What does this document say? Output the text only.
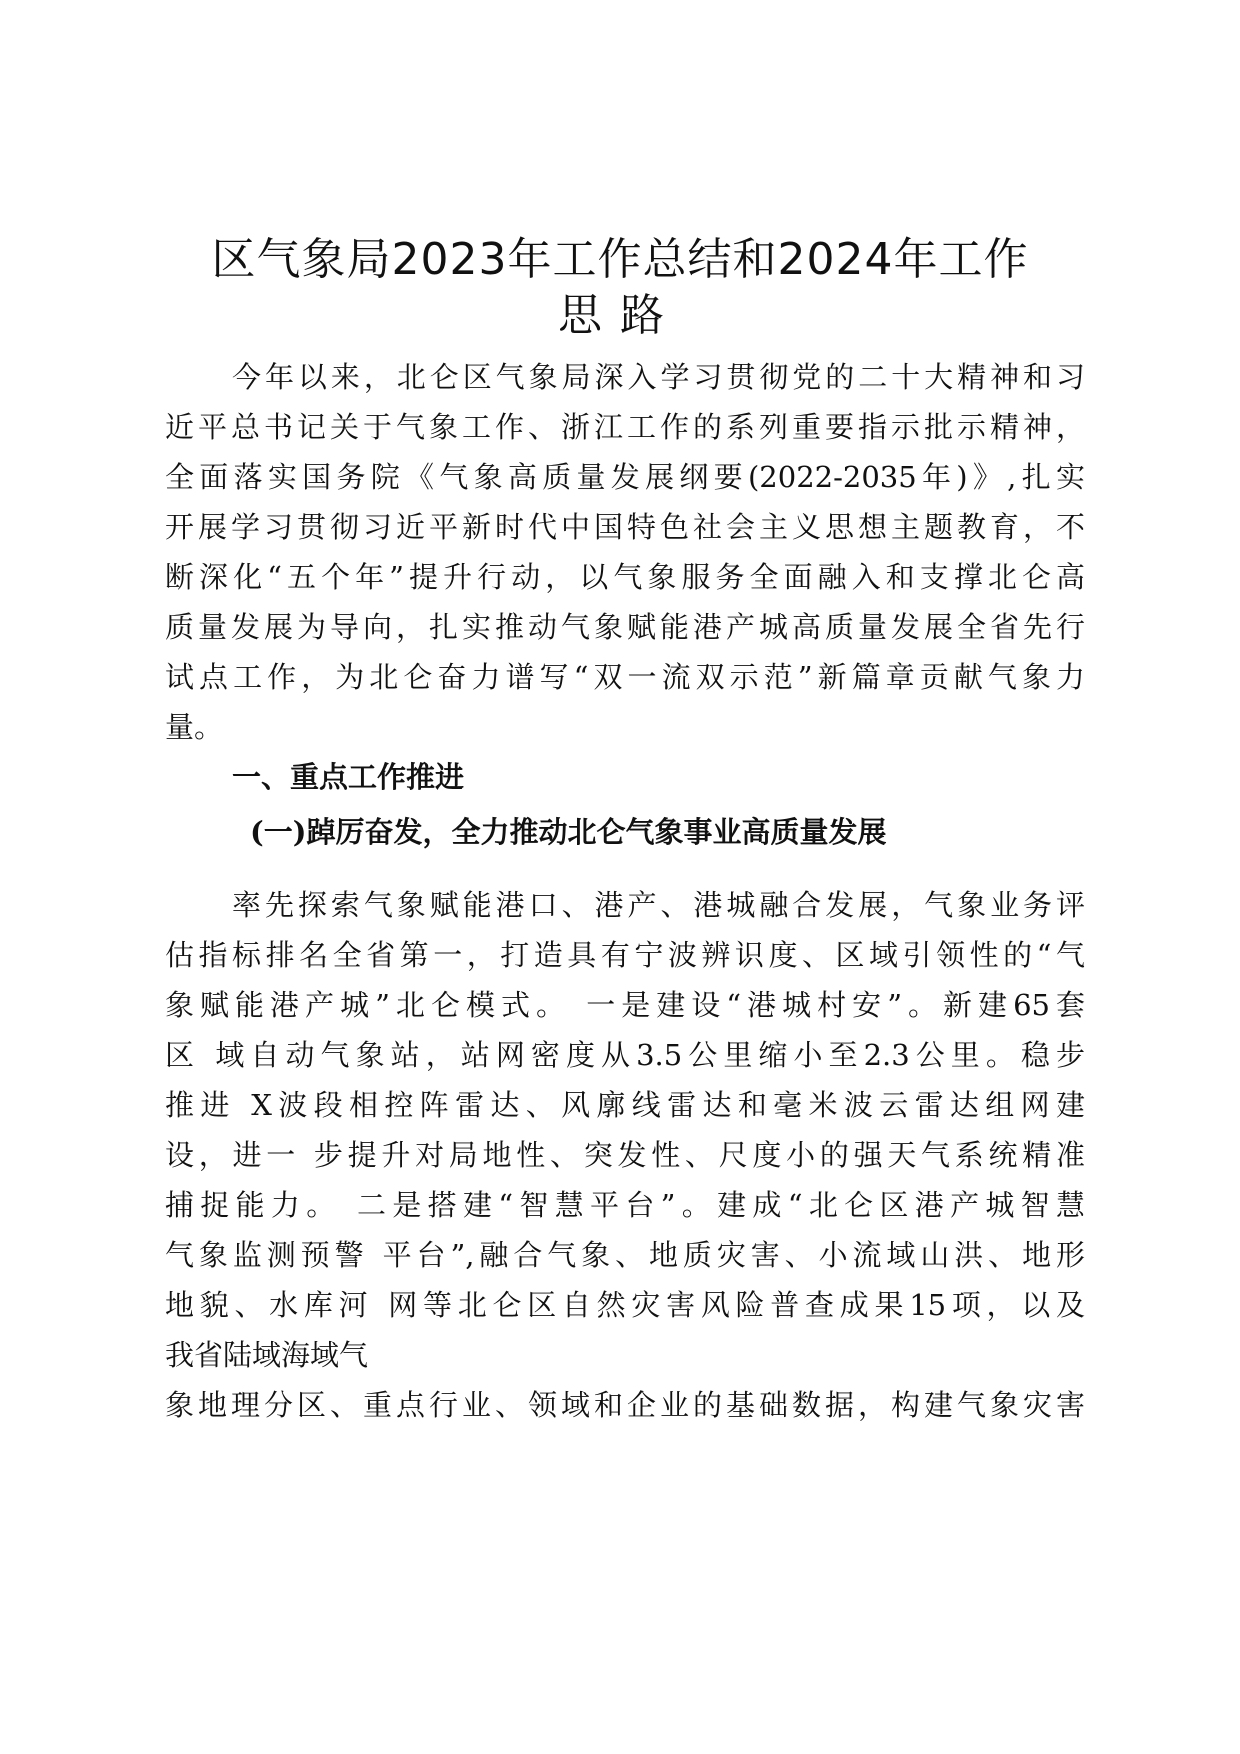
区气象局2023年工作总结和2024年工作
思路

今年以来，北仑区气象局深入学习贯彻党的二十大精神和习

近平总书记关于气象工作、浙江工作的系列重要指示批示精神，

全面落实国务院《气象高质量发展纲要(2022-2035年)》,扎实

开展学习贯彻习近平新时代中国特色社会主义思想主题教育，不

断深化“五个年”提升行动，以气象服务全面融入和支撑北仑高

质量发展为导向，扎实推动气象赋能港产城高质量发展全省先行

试点工作，为北仑奋力谱写“双一流双示范”新篇章贡献气象力

量。

一、重点工作推进
(一)踔厉奋发，全力推动北仑气象事业高质量发展

率先探索气象赋能港口、港产、港城融合发展，气象业务评

估指标排名全省第一，打造具有宁波辨识度、区域引领性的“气

象赋能港产城”北仑模式。 一是建设“港城村安”。新建65套

区 域自动气象站，站网密度从3.5公里缩小至2.3公里。稳步

推进 X波段相控阵雷达、风廓线雷达和毫米波云雷达组网建

设，进一 步提升对局地性、突发性、尺度小的强天气系统精准

捕捉能力。 二是搭建“智慧平台”。建成“北仑区港产城智慧

气象监测预警 平台”,融合气象、地质灾害、小流域山洪、地形

地貌、水库河 网等北仑区自然灾害风险普查成果15项，以及

我省陆域海域气

象地理分区、重点行业、领域和企业的基础数据，构建气象灾害
